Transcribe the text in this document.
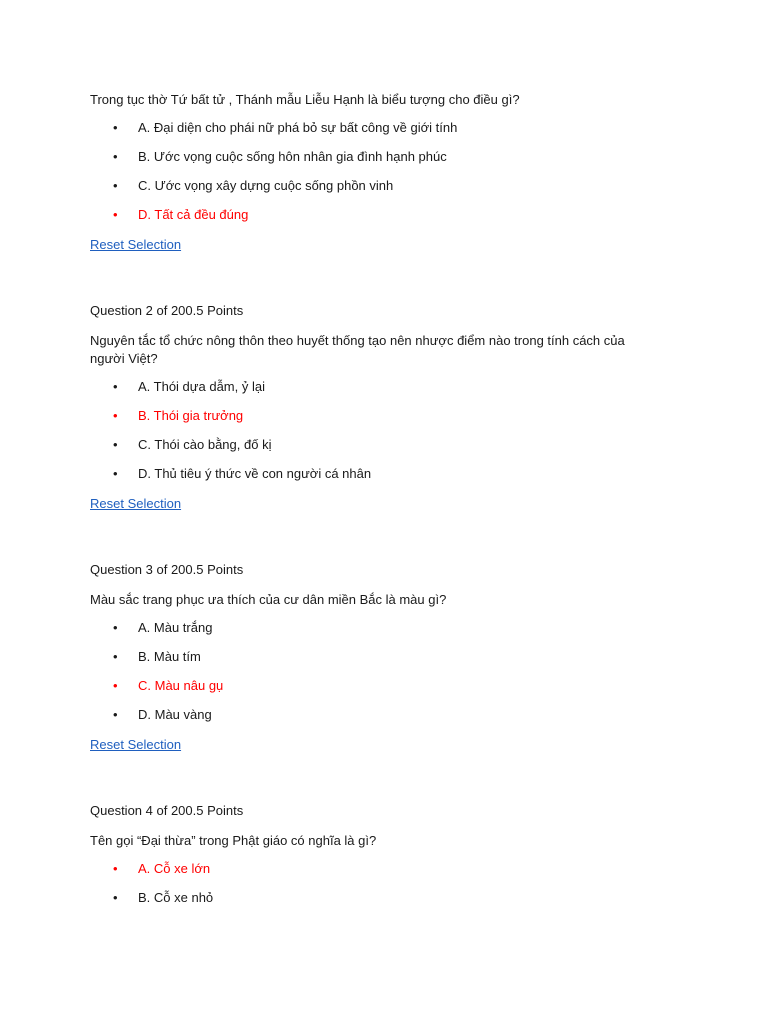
Trong tục thờ Tứ bất tử , Thánh mẫu Liễu Hạnh là biểu tượng cho điều gì?

• A. Đại diện cho phái nữ phá bỏ sự bất công về giới tính
• B. Ước vọng cuộc sống hôn nhân gia đình hạnh phúc
• C. Ước vọng xây dựng cuộc sống phồn vinh
• D. Tất cả đều đúng
Reset Selection

Question 2 of 200.5 Points

Nguyên tắc tổ chức nông thôn theo huyết thống tạo nên nhược điểm nào trong tính cách của người Việt?

• A. Thói dựa dẫm, ỷ lại
• B. Thói gia trưởng
• C. Thói cào bằng, đố kị
• D. Thủ tiêu ý thức về con người cá nhân
Reset Selection

Question 3 of 200.5 Points

Màu sắc trang phục ưa thích của cư dân miền Bắc là màu gì?

• A. Màu trắng
• B. Màu tím
• C. Màu nâu gụ
• D. Màu vàng
Reset Selection

Question 4 of 200.5 Points

Tên gọi “Đại thừa” trong Phật giáo có nghĩa là gì?

• A. Cỗ xe lớn
• B. Cỗ xe nhỏ
